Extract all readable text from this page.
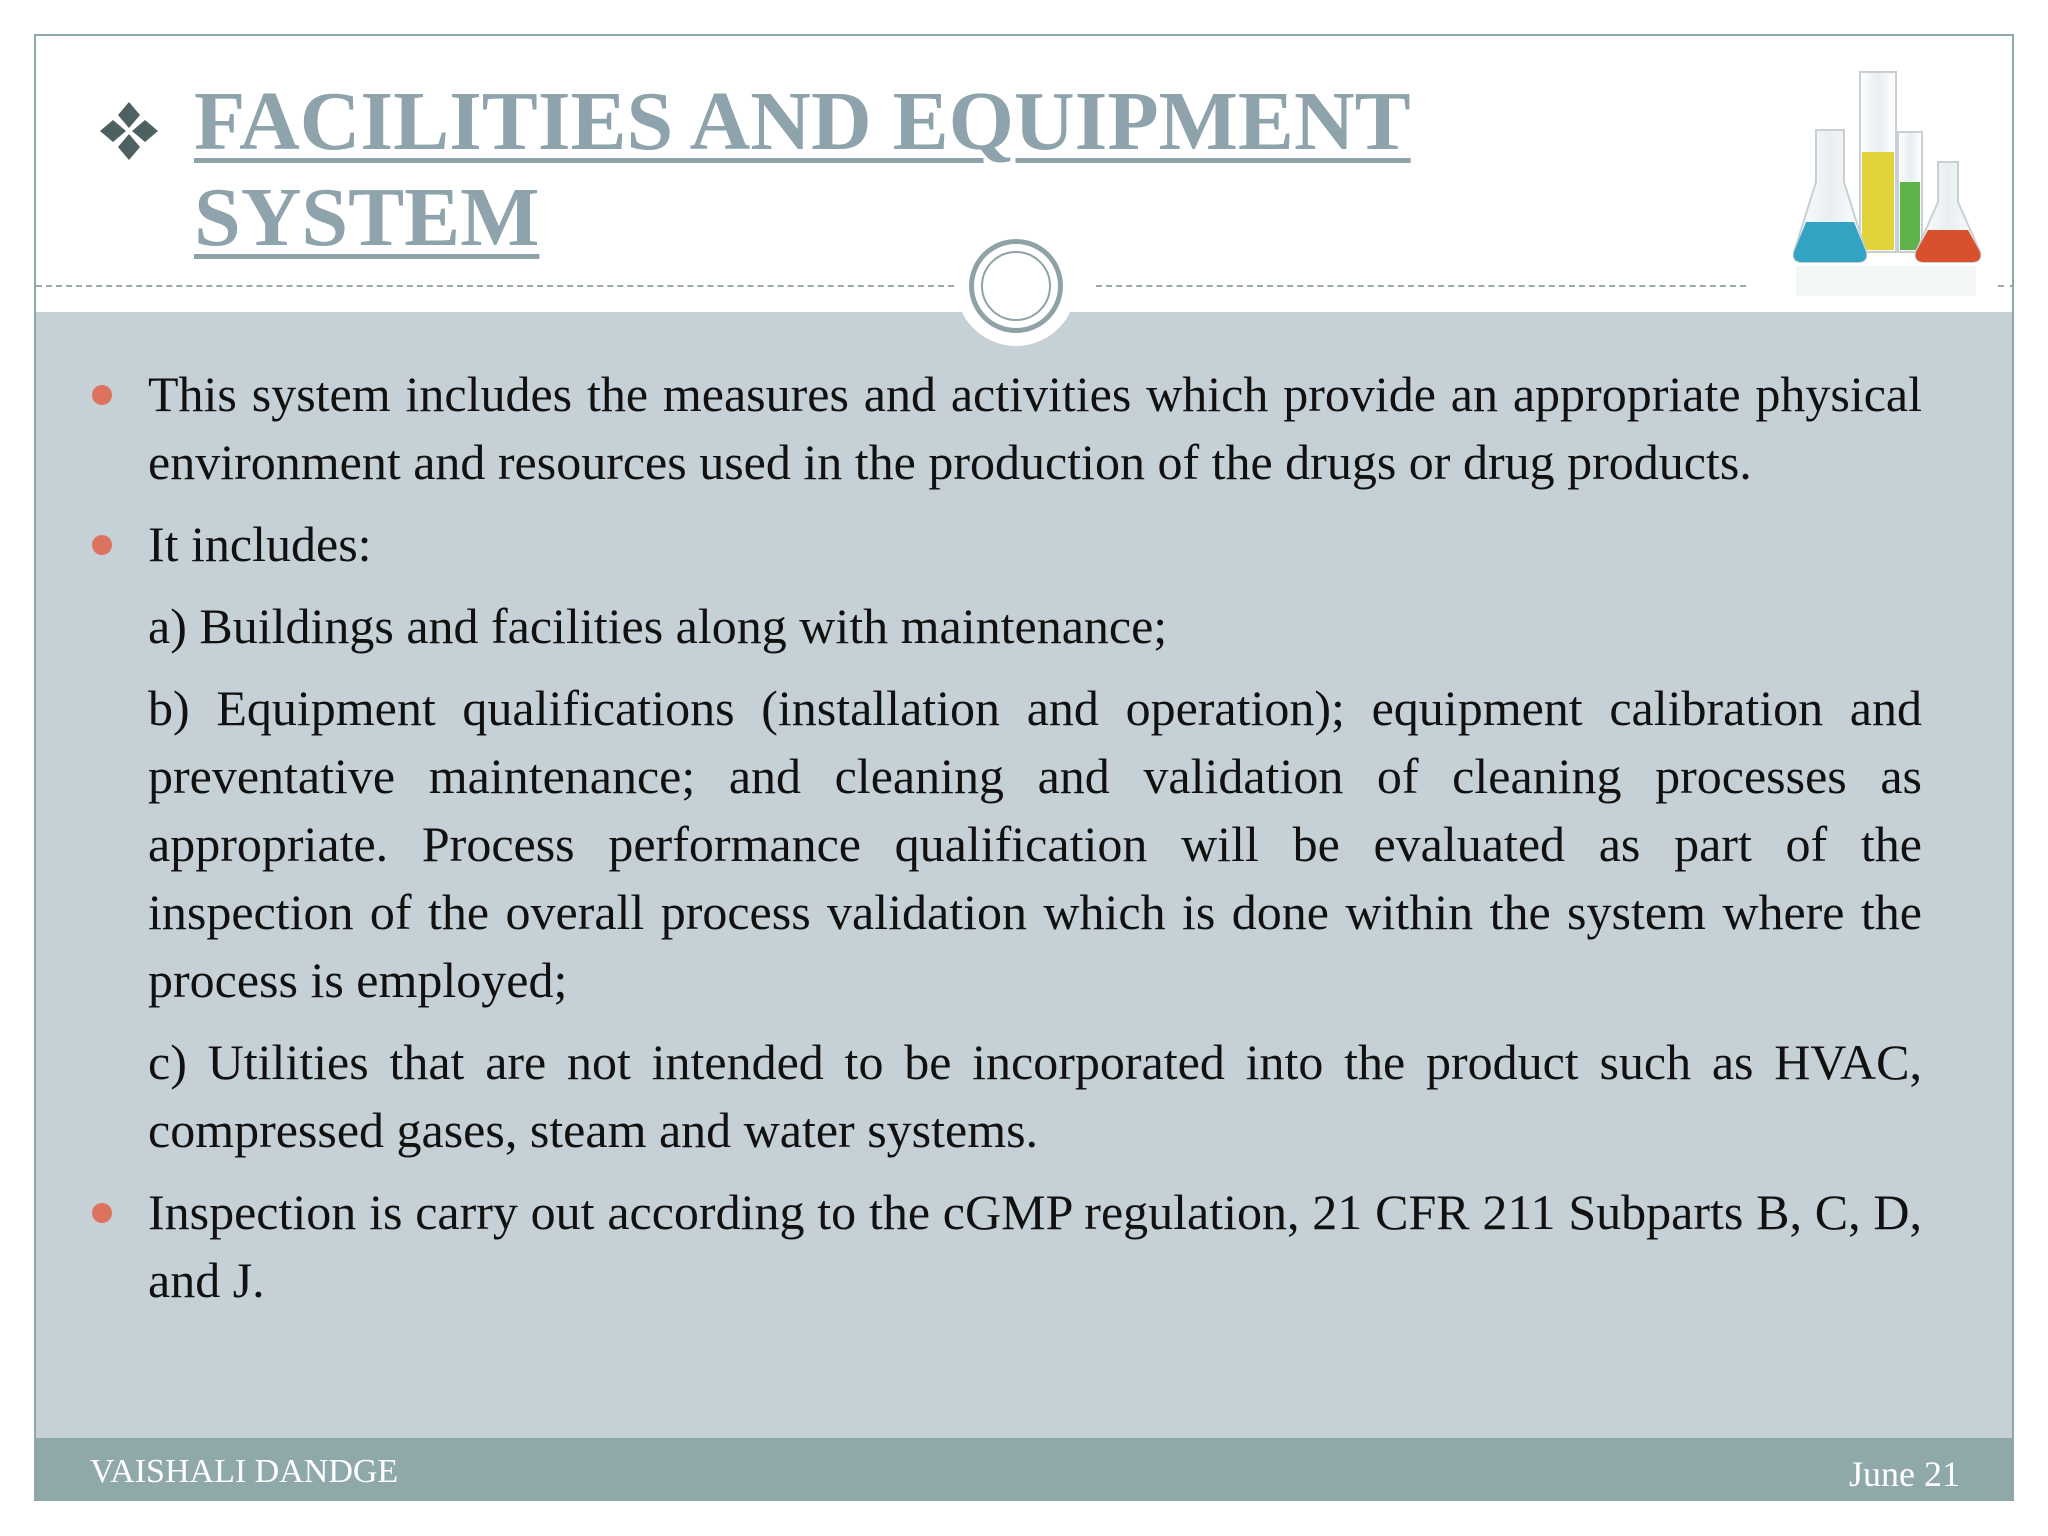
FACILITIES AND EQUIPMENT
SYSTEM
VAISHALI DANDGE	June 21

This system includes the measures and activities which provide an appropriate physical environment and resources used in the production of the drugs or drug products.

It includes:

a) Buildings and facilities along with maintenance;

b) Equipment qualifications (installation and operation); equipment calibration and preventative maintenance; and cleaning and validation of cleaning processes as appropriate. Process performance qualification will be evaluated as part of the inspection of the overall process validation which is done within the system where the process is employed;

c) Utilities that are not intended to be incorporated into the product such as HVAC, compressed gases, steam and water systems.

Inspection is carry out according to the cGMP regulation, 21 CFR 211 Subparts B, C, D, and J.
